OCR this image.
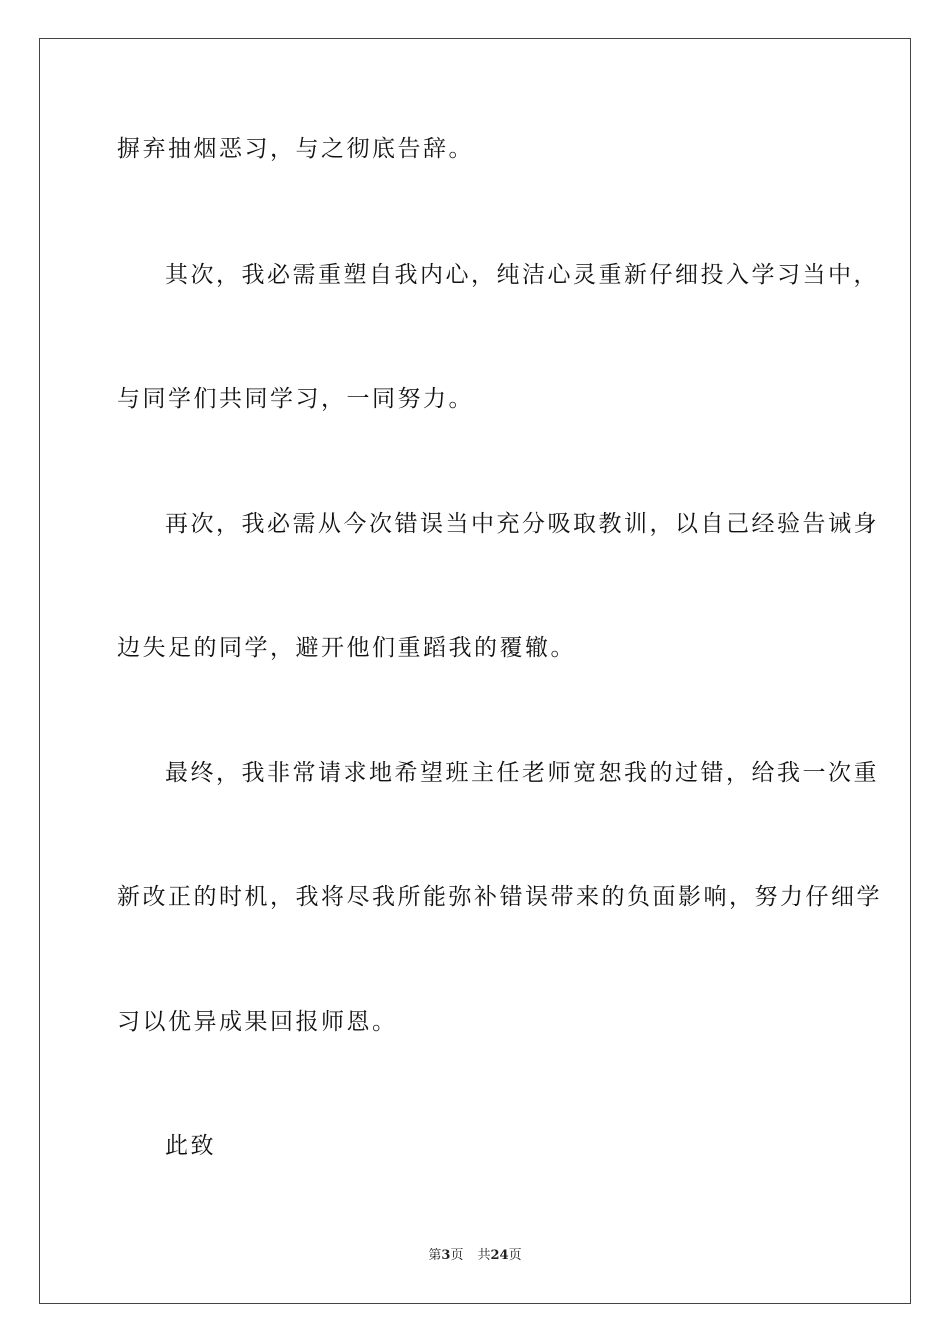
摒弃抽烟恶习，与之彻底告辞。
其次，我必需重塑自我内心，纯洁心灵重新仔细投入学习当中，
与同学们共同学习，一同努力。
再次，我必需从今次错误当中充分吸取教训，以自己经验告诫身
边失足的同学，避开他们重蹈我的覆辙。
最终，我非常请求地希望班主任老师宽恕我的过错，给我一次重
新改正的时机，我将尽我所能弥补错误带来的负面影响，努力仔细学
习以优异成果回报师恩。
此致
第3页 共24页
